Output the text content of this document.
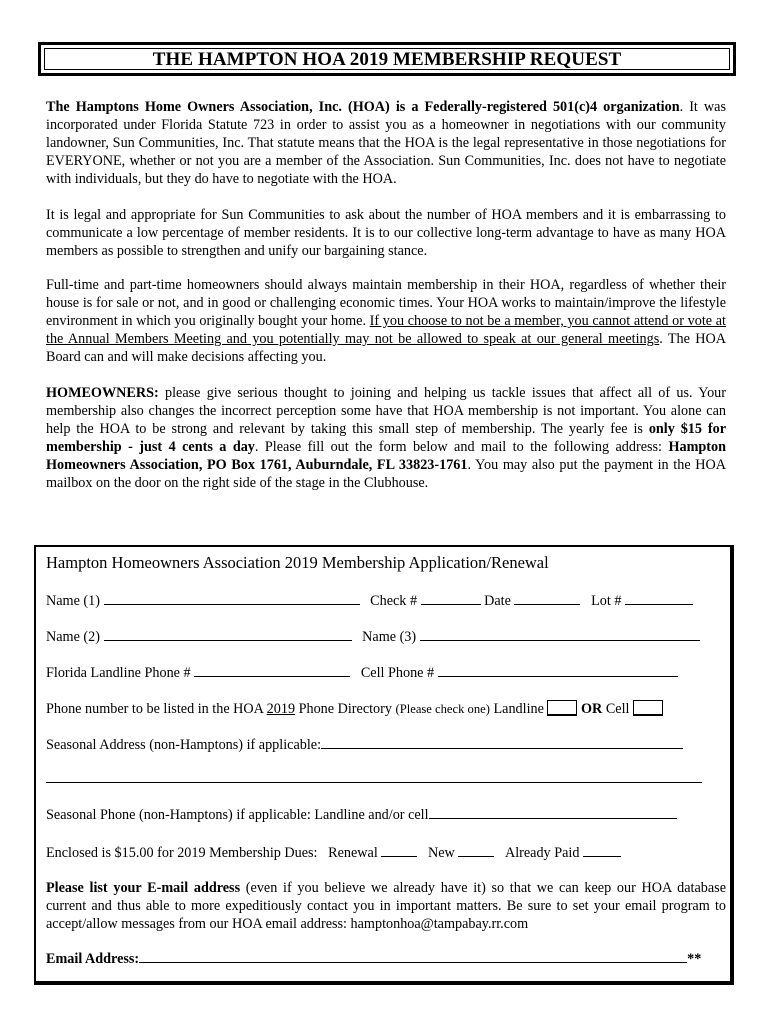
THE HAMPTON HOA 2019 MEMBERSHIP REQUEST

The Hamptons Home Owners Association, Inc. (HOA) is a Federally-registered 501(c)4 organization. It was incorporated under Florida Statute 723 in order to assist you as a homeowner in negotiations with our community landowner, Sun Communities, Inc. That statute means that the HOA is the legal representative in those negotiations for EVERYONE, whether or not you are a member of the Association. Sun Communities, Inc. does not have to negotiate with individuals, but they do have to negotiate with the HOA.

It is legal and appropriate for Sun Communities to ask about the number of HOA members and it is embarrassing to communicate a low percentage of member residents. It is to our collective long-term advantage to have as many HOA members as possible to strengthen and unify our bargaining stance.

Full-time and part-time homeowners should always maintain membership in their HOA, regardless of whether their house is for sale or not, and in good or challenging economic times. Your HOA works to maintain/improve the lifestyle environment in which you originally bought your home. If you choose to not be a member, you cannot attend or vote at the Annual Members Meeting and you potentially may not be allowed to speak at our general meetings. The HOA Board can and will make decisions affecting you.

HOMEOWNERS: please give serious thought to joining and helping us tackle issues that affect all of us. Your membership also changes the incorrect perception some have that HOA membership is not important. You alone can help the HOA to be strong and relevant by taking this small step of membership. The yearly fee is only $15 for membership - just 4 cents a day. Please fill out the form below and mail to the following address: Hampton Homeowners Association, PO Box 1761, Auburndale, FL 33823-1761. You may also put the payment in the HOA mailbox on the door on the right side of the stage in the Clubhouse.

Hampton Homeowners Association 2019 Membership Application/Renewal
Name (1)	Check #	Date	Lot #
Name (2)	Name (3)
Florida Landline Phone #	Cell Phone #
Phone number to be listed in the HOA 2019 Phone Directory (Please check one) Landline  OR Cell
Seasonal Address (non-Hamptons) if applicable:
Seasonal Phone (non-Hamptons) if applicable: Landline and/or cell
Enclosed is $15.00 for 2019 Membership Dues: Renewal	New	Already Paid

Please list your E-mail address (even if you believe we already have it) so that we can keep our HOA database current and thus able to more expeditiously contact you in important matters. Be sure to set your email program to accept/allow messages from our HOA email address: hamptonhoa@tampabay.rr.com

Email Address:	**
